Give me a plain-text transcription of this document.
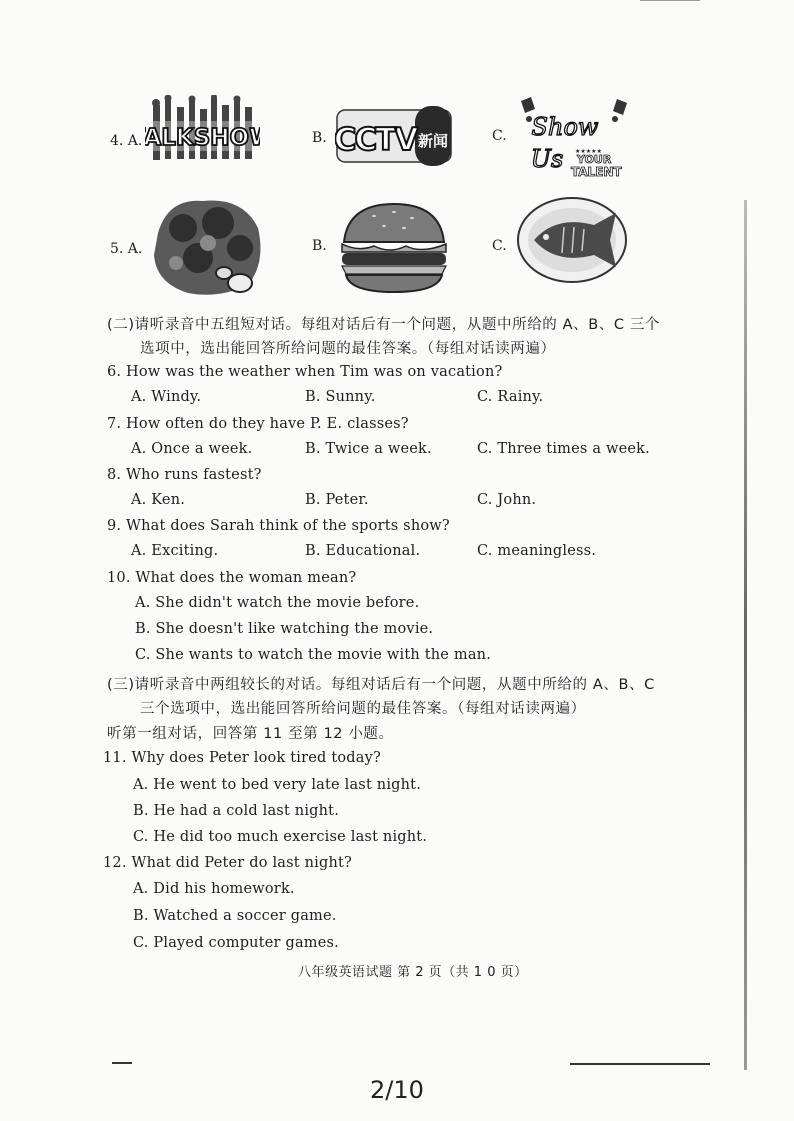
4. A. ALKSHO	B. CCTV 新闻	C. Show
Us ★★★★★
YOUR
TALENT
5. A.	B.	C.
(二)请听录音中五组短对话。每组对话后有一个问题，从题中所给的 A、B、C 三个
选项中，选出能回答所给问题的最佳答案。（每组对话读两遍）
6. How was the weather when Tim was on vacation?
A. Windy.	B. Sunny.	C. Rainy.
7. How often do they have P. E. classes?
A. Once a week.	B. Twice a week.	C. Three times a week.
8. Who runs fastest?
A. Ken.	B. Peter.	C. John.
9. What does Sarah think of the sports show?
A. Exciting.	B. Educational.	C. meaningless.
10. What does the woman mean?
A. She didn't watch the movie before.
B. She doesn't like watching the movie.
C. She wants to watch the movie with the man.
(三)请听录音中两组较长的对话。每组对话后有一个问题，从题中所给的 A、B、C
三个选项中，选出能回答所给问题的最佳答案。（每组对话读两遍）
听第一组对话，回答第 11 至第 12 小题。
11. Why does Peter look tired today?
A. He went to bed very late last night.
B. He had a cold last night.
C. He did too much exercise last night.
12. What did Peter do last night?
A. Did his homework.
B. Watched a soccer game.
C. Played computer games.
八年级英语试题 第 2 页（共 1 0 页）
2/10
